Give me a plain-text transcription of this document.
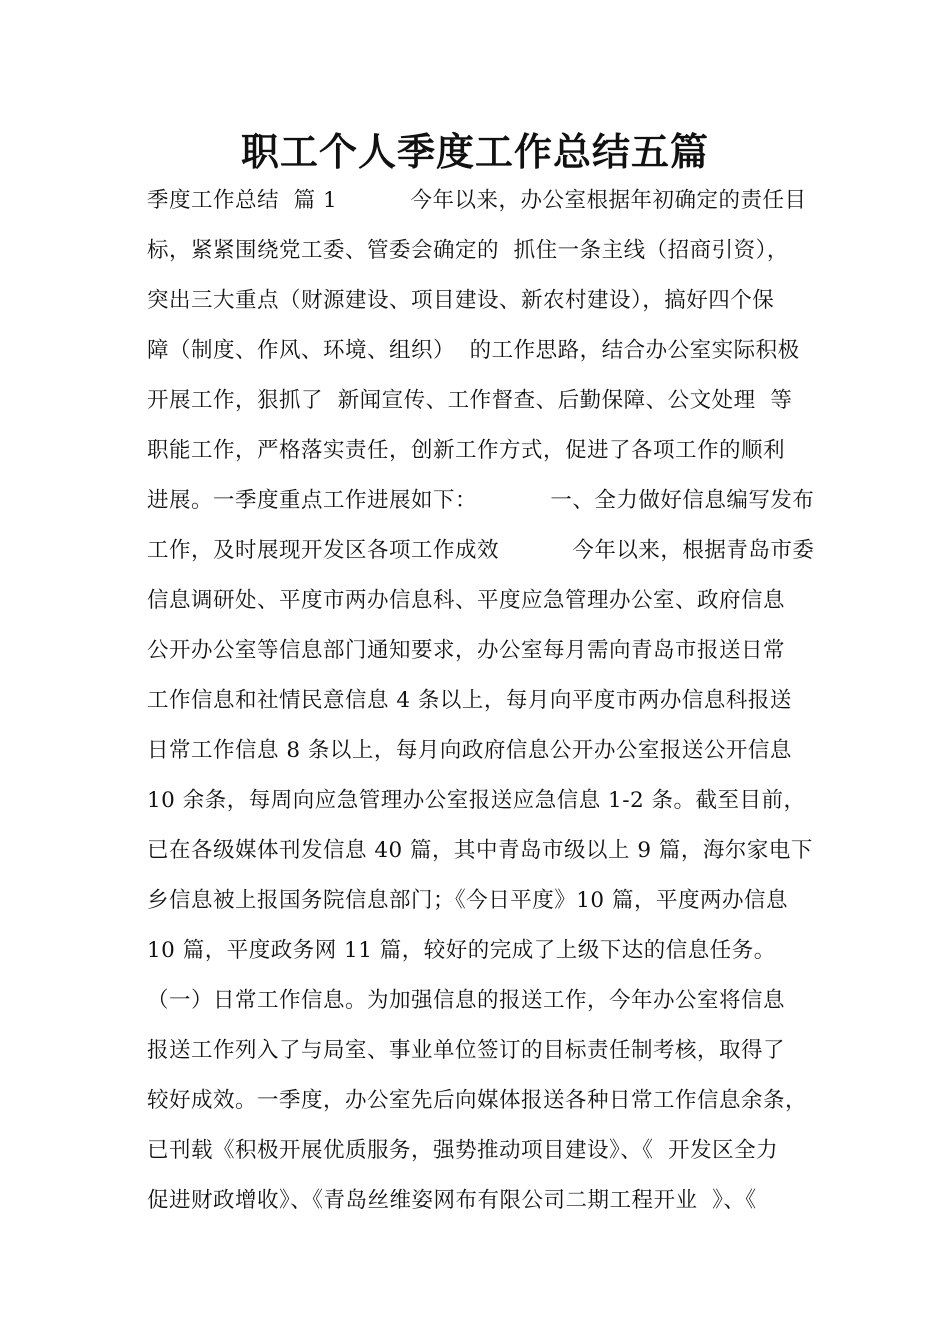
职工个人季度工作总结五篇
季度工作总结  篇 1          今年以来，办公室根据年初确定的责任目
标，紧紧围绕党工委、管委会确定的  抓住一条主线（招商引资），
突出三大重点（财源建设、项目建设、新农村建设），搞好四个保
障（制度、作风、环境、组织）  的工作思路，结合办公室实际积极
开展工作，狠抓了  新闻宣传、工作督查、后勤保障、公文处理  等
职能工作，严格落实责任，创新工作方式，促进了各项工作的顺利
进展。一季度重点工作进展如下：          一、全力做好信息编写发布
工作，及时展现开发区各项工作成效          今年以来，根据青岛市委
信息调研处、平度市两办信息科、平度应急管理办公室、政府信息
公开办公室等信息部门通知要求，办公室每月需向青岛市报送日常
工作信息和社情民意信息 4 条以上，每月向平度市两办信息科报送
日常工作信息 8 条以上，每月向政府信息公开办公室报送公开信息
10 余条，每周向应急管理办公室报送应急信息 1-2 条。截至目前，
已在各级媒体刊发信息 40 篇，其中青岛市级以上 9 篇，海尔家电下
乡信息被上报国务院信息部门；《今日平度》10 篇，平度两办信息
10 篇，平度政务网 11 篇，较好的完成了上级下达的信息任务。
（一）日常工作信息。为加强信息的报送工作，今年办公室将信息
报送工作列入了与局室、事业单位签订的目标责任制考核，取得了
较好成效。一季度，办公室先后向媒体报送各种日常工作信息余条，
已刊载《积极开展优质服务，强势推动项目建设》、《  开发区全力
促进财政增收》、《青岛丝维姿网布有限公司二期工程开业  》、《
